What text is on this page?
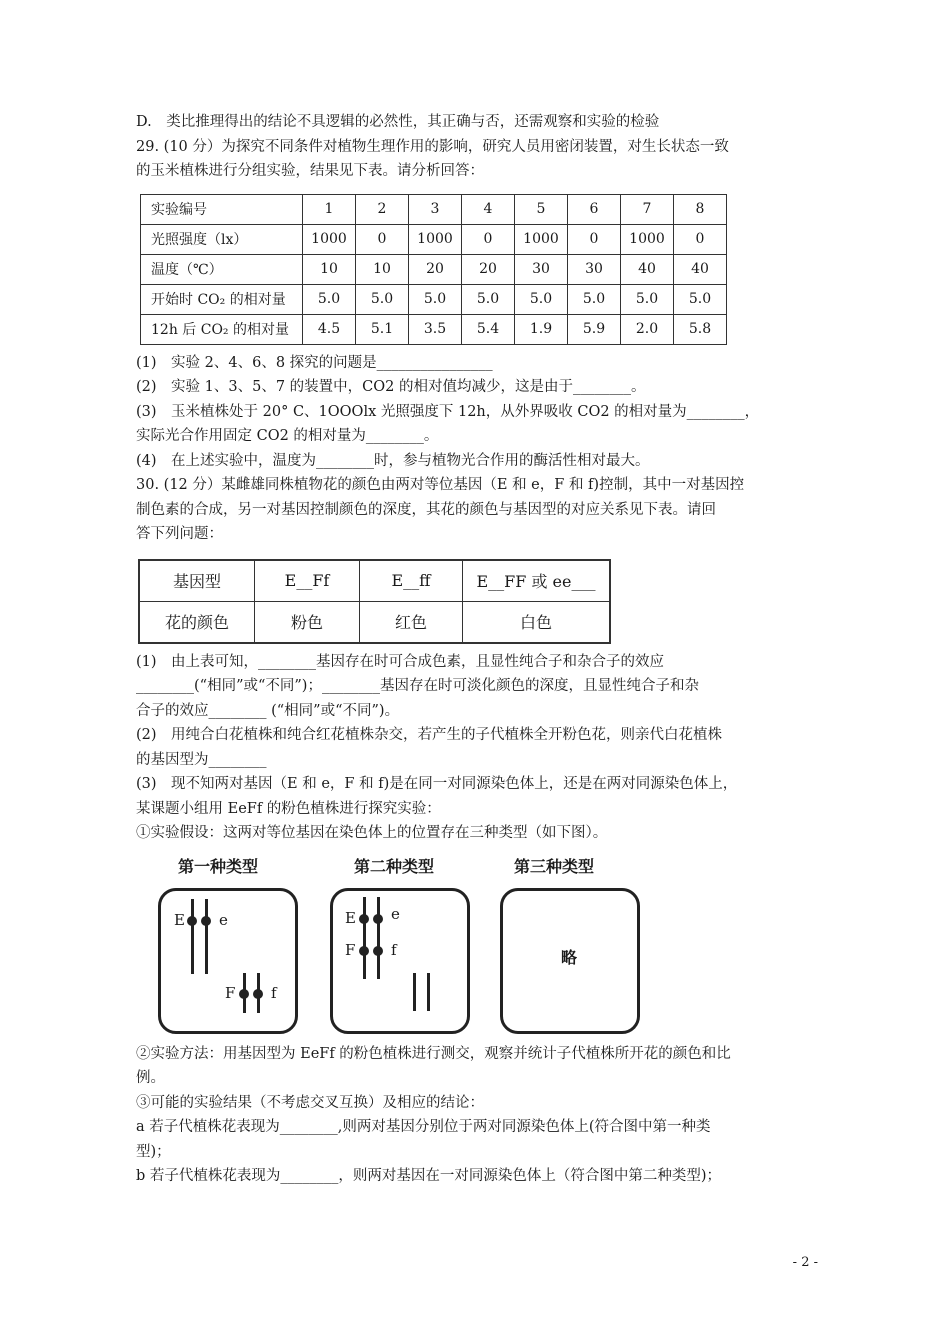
D.　类比推理得出的结论不具逻辑的必然性，其正确与否，还需观察和实验的检验

29. (10 分）为探究不同条件对植物生理作用的影响，研究人员用密闭装置，对生长状态一致

的玉米植株进行分组实验，结果见下表。请分析回答：

实验编号	1	2	3	4	5	6	7	8
光照强度（lx）	1000	0	1000	0	1000	0	1000	0
温度（℃）	10	10	20	20	30	30	40	40
开始时 CO₂ 的相对量	5.0	5.0	5.0	5.0	5.0	5.0	5.0	5.0
12h 后 CO₂ 的相对量	4.5	5.1	3.5	5.4	1.9	5.9	2.0	5.8

(1)　实验 2、4、6、8 探究的问题是________________

(2)　实验 1、3、5、7 的装置中，CO2 的相对值均减少，这是由于________。

(3)　玉米植株处于 20° C、1OOOlx 光照强度下 12h，从外界吸收 CO2 的相对量为________，

实际光合作用固定 CO2 的相对量为________。

(4)　在上述实验中，温度为________时，参与植物光合作用的酶活性相对最大。

30. (12 分）某雌雄同株植物花的颜色由两对等位基因（E 和 e，F 和 f)控制，其中一对基因控

制色素的合成，另一对基因控制颜色的深度，其花的颜色与基因型的对应关系见下表。请回

答下列问题：

基因型	E__Ff	E__ff	E__FF 或 ee___
花的颜色	粉色	红色	白色

(1)　由上表可知，________基因存在时可合成色素，且显性纯合子和杂合子的效应

________(“相同”或“不同”)；________基因存在时可淡化颜色的深度，且显性纯合子和杂

合子的效应________ (“相同”或“不同”)。

(2)　用纯合白花植株和纯合红花植株杂交，若产生的子代植株全开粉色花，则亲代白花植株

的基因型为________

(3)　现不知两对基因（E 和 e，F 和 f)是在同一对同源染色体上，还是在两对同源染色体上，

某课题小组用 EeFf 的粉色植株进行探究实验：

①实验假设：这两对等位基因在染色体上的位置存在三种类型（如下图）。

第一种类型	第二种类型	第三种类型
E e
F f
E e
F f	略

②实验方法：用基因型为 EeFf 的粉色植株进行测交，观察并统计子代植株所开花的颜色和比

例。

③可能的实验结果（不考虑交叉互换）及相应的结论：

a 若子代植株花表现为________,则两对基因分别位于两对同源染色体上(符合图中第一种类

型)；

b 若子代植株花表现为________，则两对基因在一对同源染色体上（符合图中第二种类型)；

- 2 -
